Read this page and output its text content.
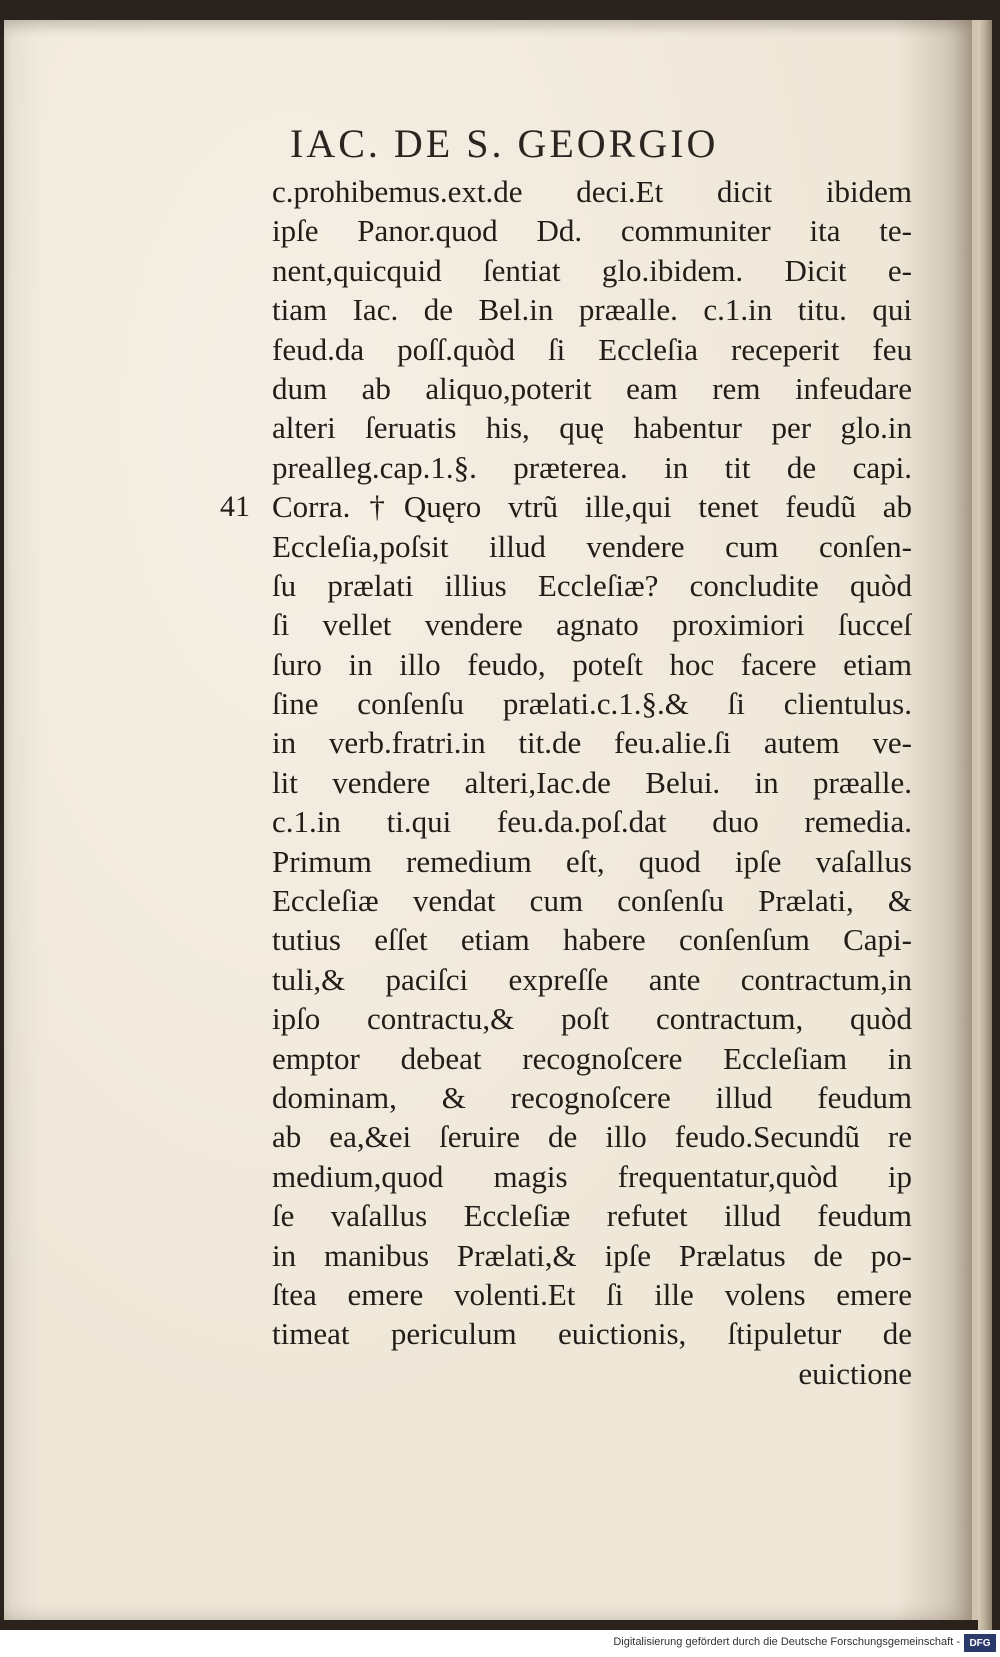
IAC. DE S. GEORGIO
41
c.prohibemus.ext.de deci.Et dicit ibidem
ipſe Panor.quod Dd. communiter ita te-
nent,quicquid ſentiat glo.ibidem. Dicit e-
tiam Iac. de Bel.in præalle. c.1.in titu. qui
feud.da poſſ.quòd ſi Eccleſia receperit feu
dum ab aliquo,poterit eam rem infeudare
alteri ſeruatis his, quę habentur per glo.in
prealleg.cap.1.§. præterea. in tit de capi.
Corra.†Quęro vtrũ ille,qui tenet feudũ ab
Eccleſia,poſsit illud vendere cum conſen-
ſu prælati illius Eccleſiæ? concludite quòd
ſi vellet vendere agnato proximiori ſucceſ
ſuro in illo feudo, poteſt hoc facere etiam
ſine conſenſu prælati.c.1.§.& ſi clientulus.
in verb.fratri.in tit.de feu.alie.ſi autem ve-
lit vendere alteri,Iac.de Belui. in præalle.
c.1.in ti.qui feu.da.poſ.dat duo remedia.
Primum remedium eſt, quod ipſe vaſallus
Eccleſiæ vendat cum conſenſu Prælati, &
tutius eſſet etiam habere conſenſum Capi-
tuli,& paciſci expreſſe ante contractum,in
ipſo contractu,& poſt contractum, quòd
emptor debeat recognoſcere Eccleſiam in
dominam, & recognoſcere illud feudum
ab ea,&ei ſeruire de illo feudo.Secundũ re
medium,quod magis frequentatur,quòd ip
ſe vaſallus Eccleſiæ refutet illud feudum
in manibus Prælati,& ipſe Prælatus de po-
ſtea emere volenti.Et ſi ille volens emere
timeat periculum euictionis, ſtipuletur de
euictione
Digitalisierung gefördert durch die Deutsche Forschungsgemeinschaft - DFG
